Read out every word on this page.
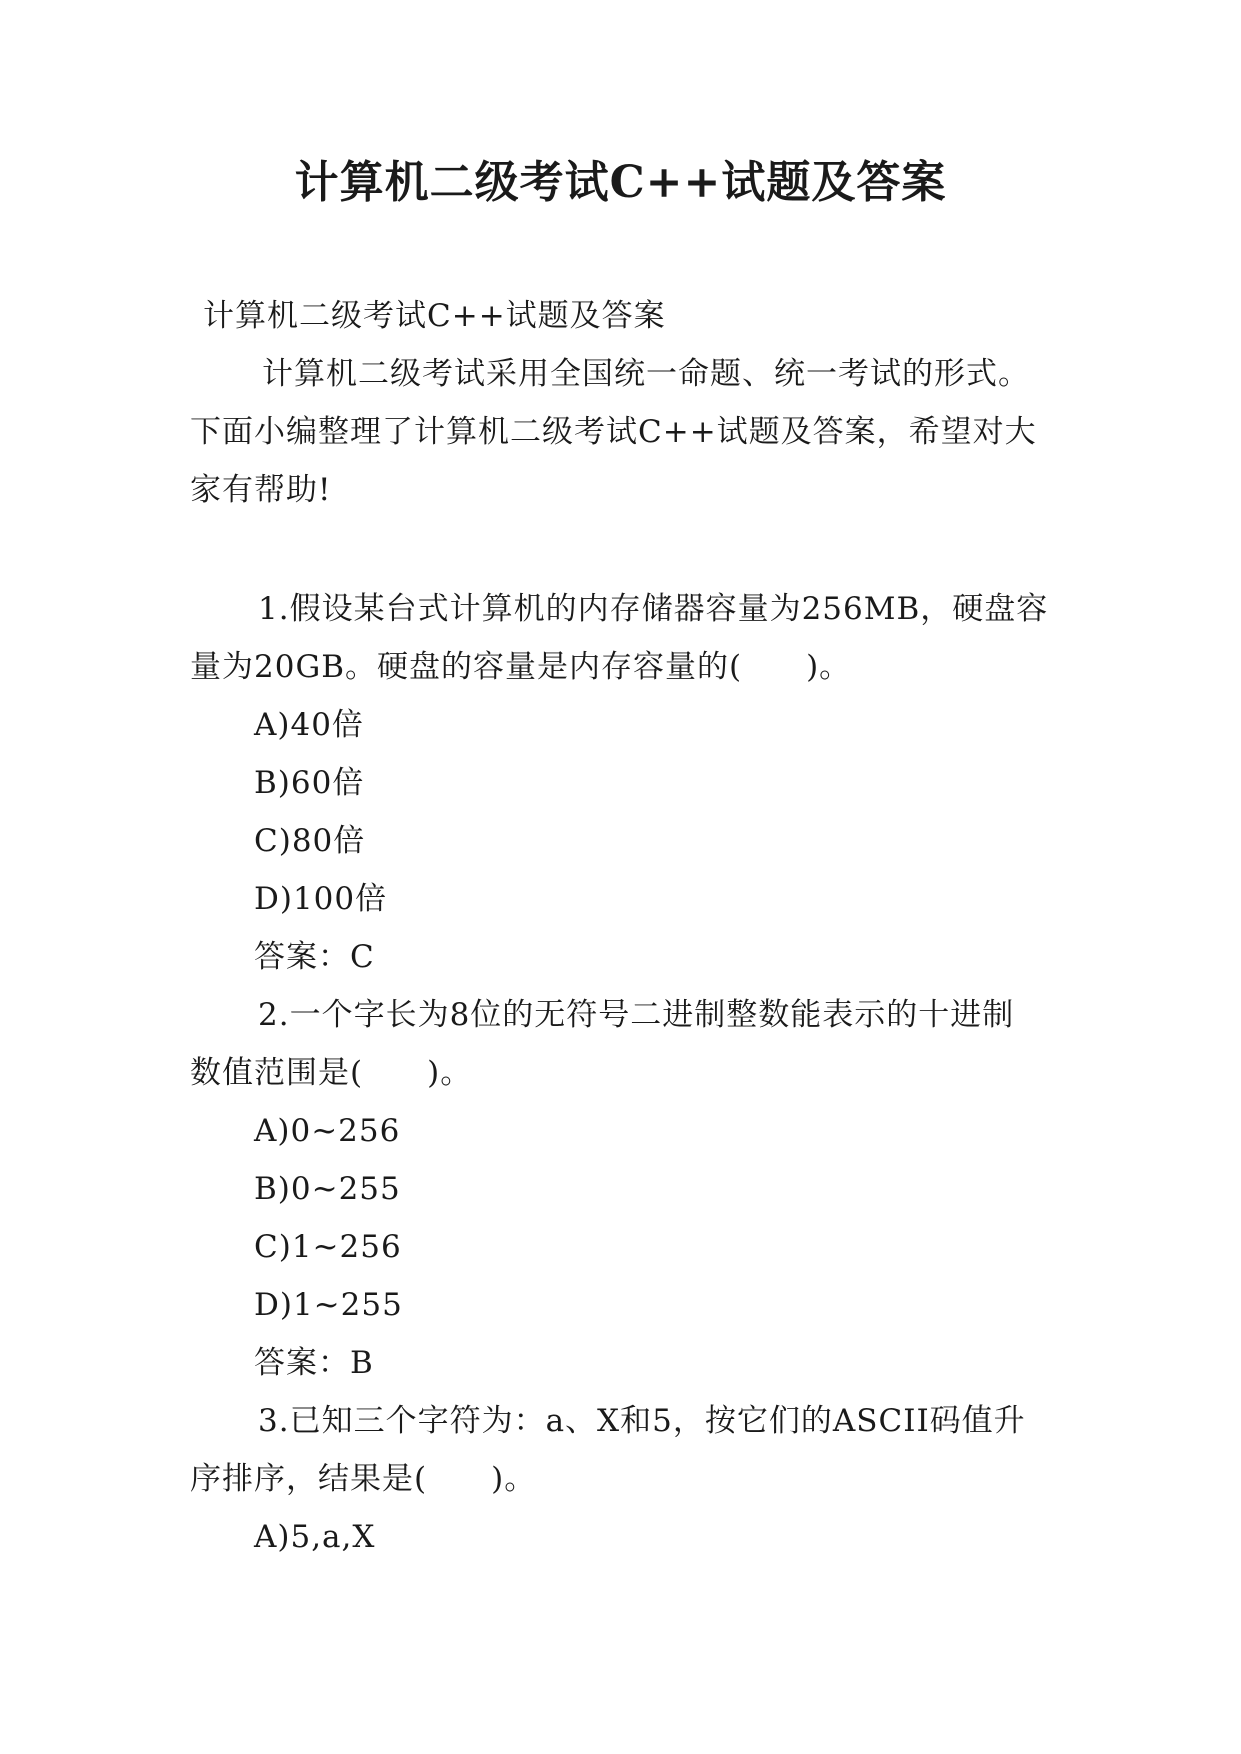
计算机二级考试C++试题及答案
计算机二级考试C++试题及答案
计算机二级考试采用全国统一命题、统一考试的形式。
下面小编整理了计算机二级考试C++试题及答案，希望对大
家有帮助!
1.假设某台式计算机的内存储器容量为256MB，硬盘容
量为20GB。硬盘的容量是内存容量的(　　)。
A)40倍
B)60倍
C)80倍
D)100倍
答案：C
2.一个字长为8位的无符号二进制整数能表示的十进制
数值范围是(　　)。
A)0~256
B)0~255
C)1~256
D)1~255
答案：B
3.已知三个字符为：a、X和5，按它们的ASCII码值升
序排序，结果是(　　)。
A)5,a,X
